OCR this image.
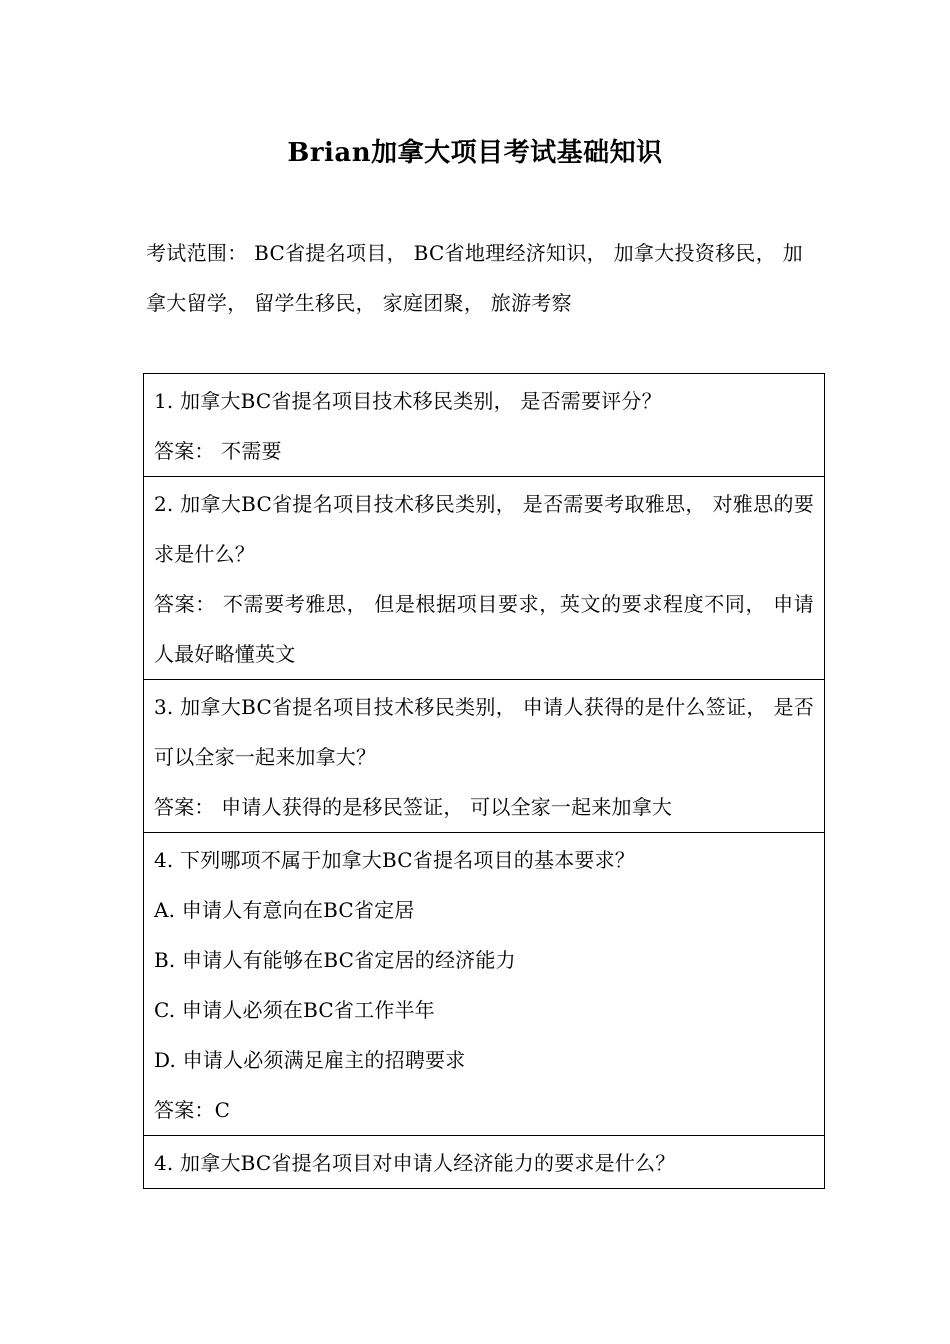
Brian加拿大项目考试基础知识
考试范围： BC省提名项目， BC省地理经济知识， 加拿大投资移民， 加拿大留学， 留学生移民， 家庭团聚， 旅游考察
1. 加拿大BC省提名项目技术移民类别， 是否需要评分？
答案： 不需要
2. 加拿大BC省提名项目技术移民类别， 是否需要考取雅思， 对雅思的要求是什么？
答案： 不需要考雅思， 但是根据项目要求，英文的要求程度不同， 申请人最好略懂英文
3. 加拿大BC省提名项目技术移民类别， 申请人获得的是什么签证， 是否可以全家一起来加拿大？
答案： 申请人获得的是移民签证， 可以全家一起来加拿大
4. 下列哪项不属于加拿大BC省提名项目的基本要求？
A. 申请人有意向在BC省定居
B. 申请人有能够在BC省定居的经济能力
C. 申请人必须在BC省工作半年
D. 申请人必须满足雇主的招聘要求
答案：C
4. 加拿大BC省提名项目对申请人经济能力的要求是什么？
